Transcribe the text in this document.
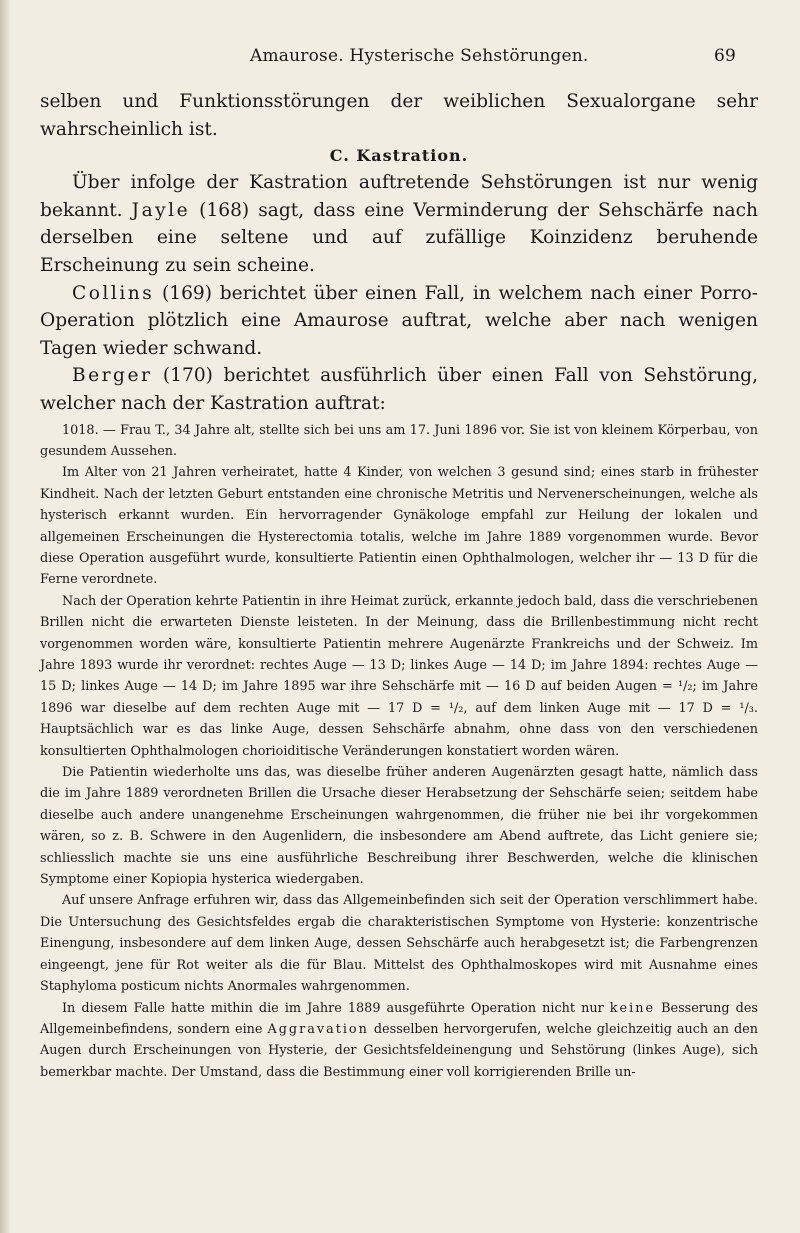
Amaurose. Hysterische Sehstörungen.	69

selben und Funktionsstörungen der weiblichen Sexualorgane sehr wahrscheinlich ist.

C. Kastration.

Über infolge der Kastration auftretende Sehstörungen ist nur wenig bekannt. Jayle (168) sagt, dass eine Verminderung der Sehschärfe nach derselben eine seltene und auf zufällige Koinzidenz beruhende Erscheinung zu sein scheine.

Collins (169) berichtet über einen Fall, in welchem nach einer Porro-Operation plötzlich eine Amaurose auftrat, welche aber nach wenigen Tagen wieder schwand.

Berger (170) berichtet ausführlich über einen Fall von Sehstörung, welcher nach der Kastration auftrat:

1018. — Frau T., 34 Jahre alt, stellte sich bei uns am 17. Juni 1896 vor. Sie ist von kleinem Körperbau, von gesundem Aussehen.

Im Alter von 21 Jahren verheiratet, hatte 4 Kinder, von welchen 3 gesund sind; eines starb in frühester Kindheit. Nach der letzten Geburt entstanden eine chronische Metritis und Nervenerscheinungen, welche als hysterisch erkannt wurden. Ein hervorragender Gynäkologe empfahl zur Heilung der lokalen und allgemeinen Erscheinungen die Hysterectomia totalis, welche im Jahre 1889 vorgenommen wurde. Bevor diese Operation ausgeführt wurde, konsultierte Patientin einen Ophthalmologen, welcher ihr — 13 D für die Ferne verordnete.

Nach der Operation kehrte Patientin in ihre Heimat zurück, erkannte jedoch bald, dass die verschriebenen Brillen nicht die erwarteten Dienste leisteten. In der Meinung, dass die Brillenbestimmung nicht recht vorgenommen worden wäre, konsultierte Patientin mehrere Augenärzte Frankreichs und der Schweiz. Im Jahre 1893 wurde ihr verordnet: rechtes Auge — 13 D; linkes Auge — 14 D; im Jahre 1894: rechtes Auge — 15 D; linkes Auge — 14 D; im Jahre 1895 war ihre Sehschärfe mit — 16 D auf beiden Augen = ¹/₂; im Jahre 1896 war dieselbe auf dem rechten Auge mit — 17 D = ¹/₂, auf dem linken Auge mit — 17 D = ¹/₃. Hauptsächlich war es das linke Auge, dessen Sehschärfe abnahm, ohne dass von den verschiedenen konsultierten Ophthalmologen chorioiditische Veränderungen konstatiert worden wären.

Die Patientin wiederholte uns das, was dieselbe früher anderen Augenärzten gesagt hatte, nämlich dass die im Jahre 1889 verordneten Brillen die Ursache dieser Herabsetzung der Sehschärfe seien; seitdem habe dieselbe auch andere unangenehme Erscheinungen wahrgenommen, die früher nie bei ihr vorgekommen wären, so z. B. Schwere in den Augenlidern, die insbesondere am Abend auftrete, das Licht geniere sie; schliesslich machte sie uns eine ausführliche Beschreibung ihrer Beschwerden, welche die klinischen Symptome einer Kopiopia hysterica wiedergaben.

Auf unsere Anfrage erfuhren wir, dass das Allgemeinbefinden sich seit der Operation verschlimmert habe. Die Untersuchung des Gesichtsfeldes ergab die charakteristischen Symptome von Hysterie: konzentrische Einengung, insbesondere auf dem linken Auge, dessen Sehschärfe auch herabgesetzt ist; die Farbengrenzen eingeengt, jene für Rot weiter als die für Blau. Mittelst des Ophthalmoskopes wird mit Ausnahme eines Staphyloma posticum nichts Anormales wahrgenommen.

In diesem Falle hatte mithin die im Jahre 1889 ausgeführte Operation nicht nur keine Besserung des Allgemeinbefindens, sondern eine Aggravation desselben hervorgerufen, welche gleichzeitig auch an den Augen durch Erscheinungen von Hysterie, der Gesichtsfeldeinengung und Sehstörung (linkes Auge), sich bemerkbar machte. Der Umstand, dass die Bestimmung einer voll korrigierenden Brille un-
